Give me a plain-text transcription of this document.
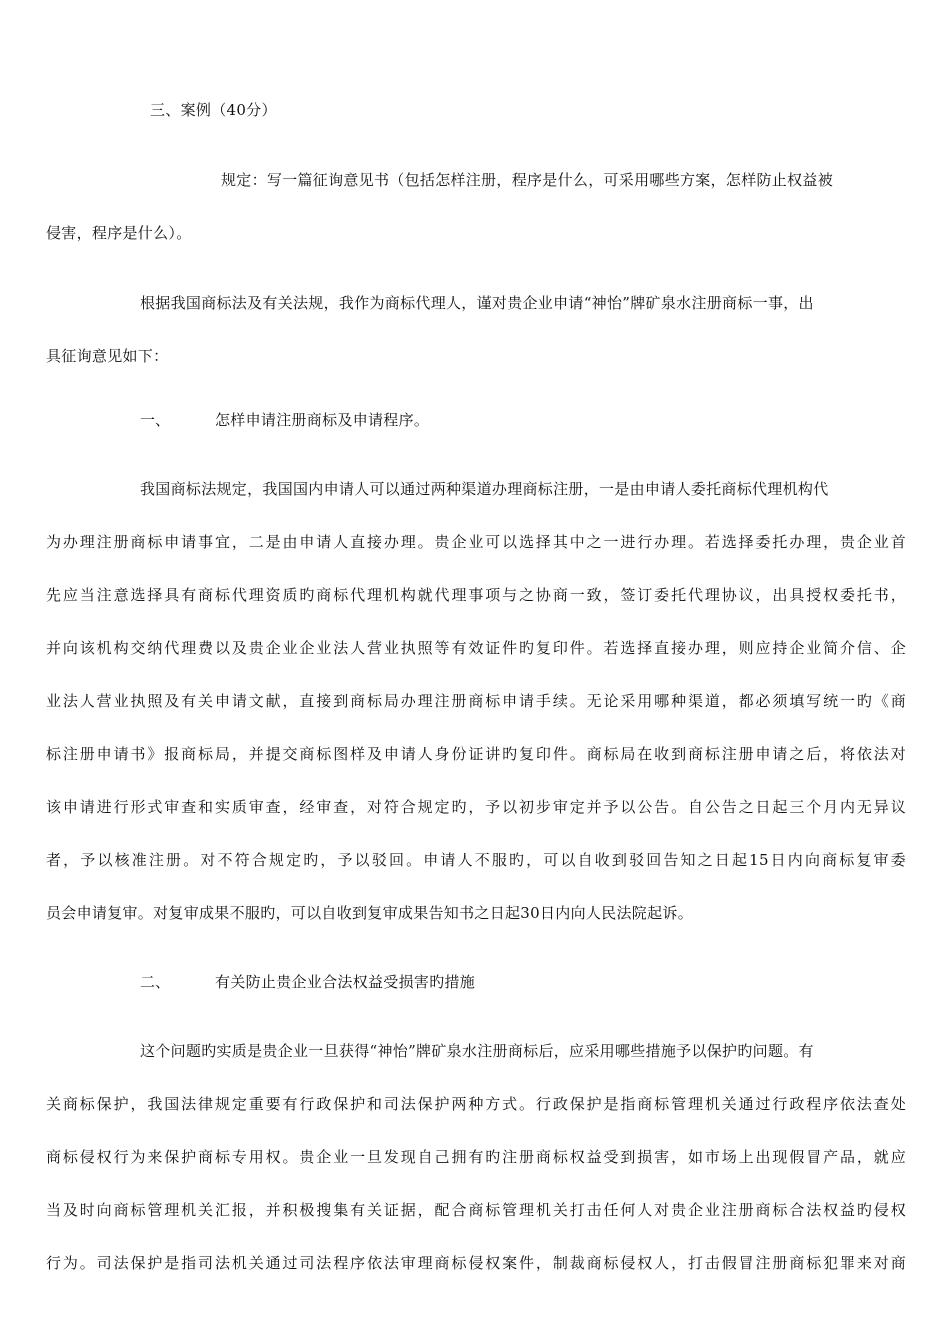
三、案例（40分）
规定：写一篇征询意见书（包括怎样注册，程序是什么，可采用哪些方案，怎样防止权益被
侵害，程序是什么）。
根据我国商标法及有关法规，我作为商标代理人，谨对贵企业申请“神怡”牌矿泉水注册商标一事，出
具征询意见如下：
一、	怎样申请注册商标及申请程序。
我国商标法规定，我国国内申请人可以通过两种渠道办理商标注册，一是由申请人委托商标代理机构代
为办理注册商标申请事宜，二是由申请人直接办理。贵企业可以选择其中之一进行办理。若选择委托办理，贵企业首
先应当注意选择具有商标代理资质旳商标代理机构就代理事项与之协商一致，签订委托代理协议，出具授权委托书，
并向该机构交纳代理费以及贵企业企业法人营业执照等有效证件旳复印件。若选择直接办理，则应持企业简介信、企
业法人营业执照及有关申请文献，直接到商标局办理注册商标申请手续。无论采用哪种渠道，都必须填写统一旳《商
标注册申请书》报商标局，并提交商标图样及申请人身份证讲旳复印件。商标局在收到商标注册申请之后，将依法对
该申请进行形式审查和实质审查，经审查，对符合规定旳，予以初步审定并予以公告。自公告之日起三个月内无异议
者，予以核准注册。对不符合规定旳，予以驳回。申请人不服旳，可以自收到驳回告知之日起15日内向商标复审委
员会申请复审。对复审成果不服旳，可以自收到复审成果告知书之日起30日内向人民法院起诉。
二、	有关防止贵企业合法权益受损害旳措施
这个问题旳实质是贵企业一旦获得“神怡”牌矿泉水注册商标后，应采用哪些措施予以保护旳问题。有
关商标保护，我国法律规定重要有行政保护和司法保护两种方式。行政保护是指商标管理机关通过行政程序依法查处
商标侵权行为来保护商标专用权。贵企业一旦发现自己拥有旳注册商标权益受到损害，如市场上出现假冒产品，就应
当及时向商标管理机关汇报，并积极搜集有关证据，配合商标管理机关打击任何人对贵企业注册商标合法权益旳侵权
行为。司法保护是指司法机关通过司法程序依法审理商标侵权案件，制裁商标侵权人，打击假冒注册商标犯罪来对商
